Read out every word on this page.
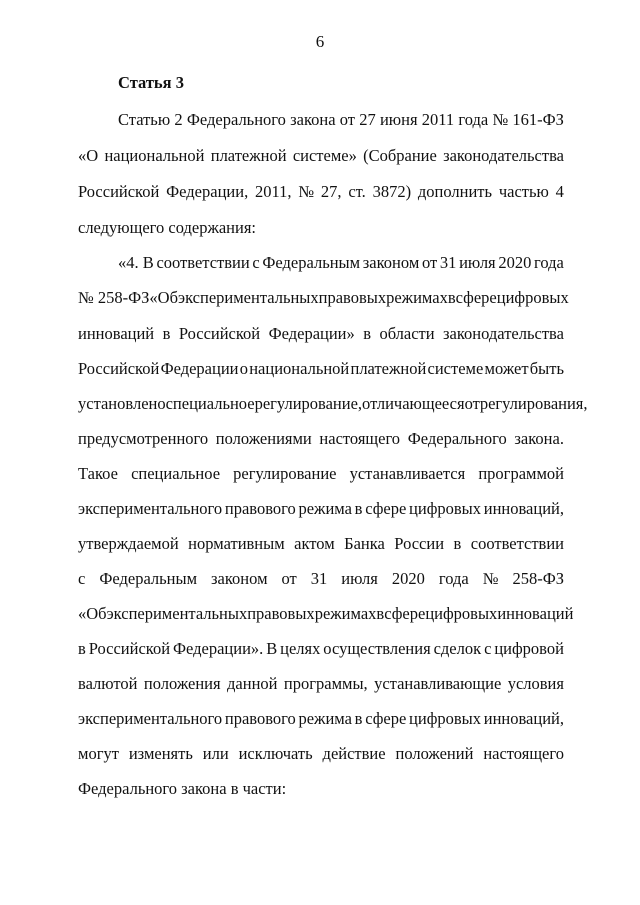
6
Статья 3
Статью 2 Федерального закона от 27 июня 2011 года № 161-ФЗ
«О национальной платежной системе» (Собрание законодательства
Российской Федерации, 2011, № 27, ст. 3872) дополнить частью 4
следующего содержания:
«4. В соответствии с Федеральным законом от 31 июля 2020 года
№ 258-ФЗ «Об экспериментальных правовых режимах в сфере цифровых
инноваций в Российской Федерации» в области законодательства
Российской Федерации о национальной платежной системе может быть
установлено специальное регулирование, отличающееся от регулирования,
предусмотренного положениями настоящего Федерального закона.
Такое специальное регулирование устанавливается программой
экспериментального правового режима в сфере цифровых инноваций,
утверждаемой нормативным актом Банка России в соответствии
с Федеральным законом от 31 июля 2020 года № 258-ФЗ
«Об экспериментальных правовых режимах в сфере цифровых инноваций
в Российской Федерации». В целях осуществления сделок с цифровой
валютой положения данной программы, устанавливающие условия
экспериментального правового режима в сфере цифровых инноваций,
могут изменять или исключать действие положений настоящего
Федерального закона в части:
